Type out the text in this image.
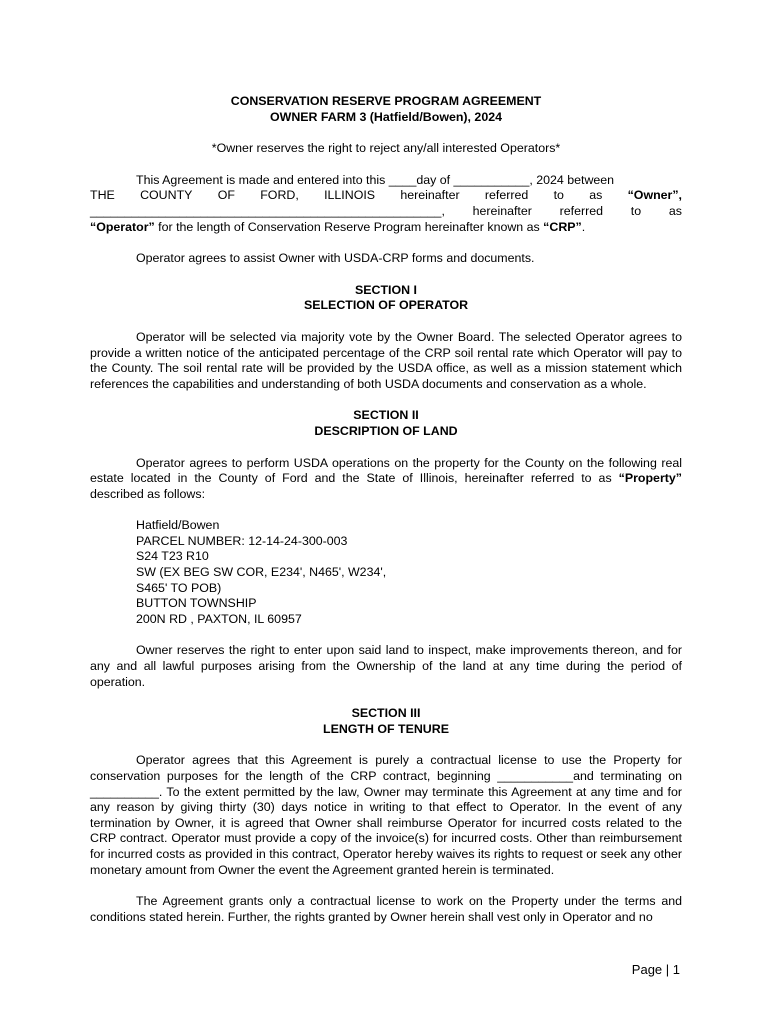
CONSERVATION RESERVE PROGRAM AGREEMENT
OWNER FARM 3 (Hatfield/Bowen), 2024
*Owner reserves the right to reject any/all interested Operators*
This Agreement is made and entered into this ____day of ___________, 2024 between
THE COUNTY OF FORD, ILLINOIS hereinafter referred to as “Owner”,
___________________________________________________, hereinafter referred to as
“Operator” for the length of Conservation Reserve Program hereinafter known as “CRP”.
Operator agrees to assist Owner with USDA-CRP forms and documents.
SECTION I
SELECTION OF OPERATOR
Operator will be selected via majority vote by the Owner Board. The selected Operator agrees to provide a written notice of the anticipated percentage of the CRP soil rental rate which Operator will pay to the County. The soil rental rate will be provided by the USDA office, as well as a mission statement which references the capabilities and understanding of both USDA documents and conservation as a whole.
SECTION II
DESCRIPTION OF LAND
Operator agrees to perform USDA operations on the property for the County on the following real estate located in the County of Ford and the State of Illinois, hereinafter referred to as “Property” described as follows:
Hatfield/Bowen
PARCEL NUMBER: 12-14-24-300-003
S24 T23 R10
SW (EX BEG SW COR, E234', N465', W234',
S465' TO POB)
BUTTON TOWNSHIP
200N RD , PAXTON, IL 60957
Owner reserves the right to enter upon said land to inspect, make improvements thereon, and for any and all lawful purposes arising from the Ownership of the land at any time during the period of operation.
SECTION III
LENGTH OF TENURE
Operator agrees that this Agreement is purely a contractual license to use the Property for conservation purposes for the length of the CRP contract, beginning ___________and terminating on __________. To the extent permitted by the law, Owner may terminate this Agreement at any time and for any reason by giving thirty (30) days notice in writing to that effect to Operator. In the event of any termination by Owner, it is agreed that Owner shall reimburse Operator for incurred costs related to the CRP contract. Operator must provide a copy of the invoice(s) for incurred costs. Other than reimbursement for incurred costs as provided in this contract, Operator hereby waives its rights to request or seek any other monetary amount from Owner the event the Agreement granted herein is terminated.
The Agreement grants only a contractual license to work on the Property under the terms and conditions stated herein. Further, the rights granted by Owner herein shall vest only in Operator and no
Page | 1
